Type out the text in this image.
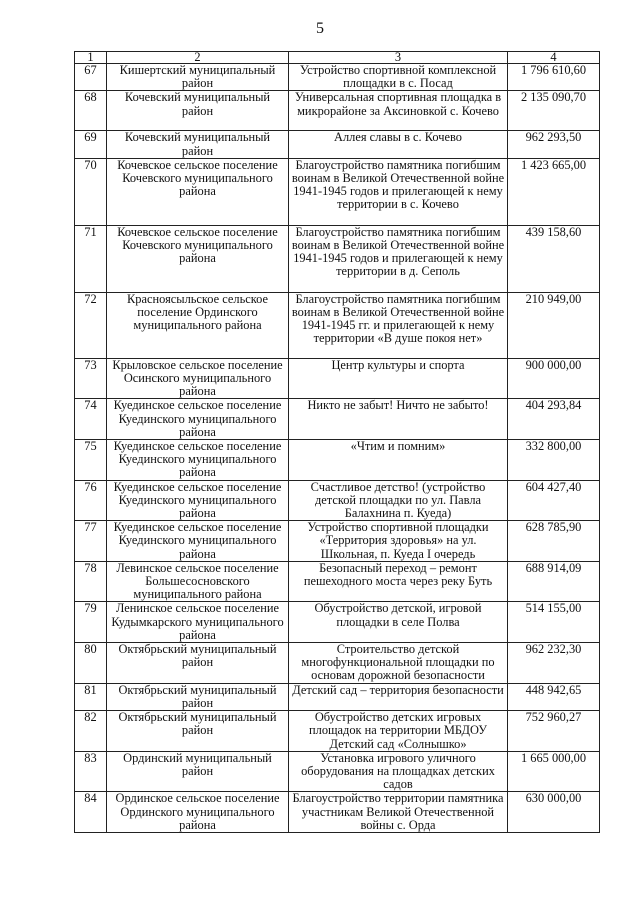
5
1	2	3	4
67	Кишертский муниципальный район	Устройство спортивной комплексной площадки в с. Посад	1 796 610,60
68	Кочевский муниципальный район	Универсальная спортивная площадка в микрорайоне за Аксиновкой с. Кочево	2 135 090,70
69	Кочевский муниципальный район	Аллея славы в с. Кочево	962 293,50
70	Кочевское сельское поселение Кочевского муниципального района	Благоустройство памятника погибшим воинам в Великой Отечественной войне 1941-1945 годов и прилегающей к нему территории в с. Кочево	1 423 665,00
71	Кочевское сельское поселение Кочевского муниципального района	Благоустройство памятника погибшим воинам в Великой Отечественной войне 1941-1945 годов и прилегающей к нему территории в д. Сеполь	439 158,60
72	Красноясыльское сельское поселение Ординского муниципального района	Благоустройство памятника погибшим воинам в Великой Отечественной войне 1941-1945 гг. и прилегающей к нему территории «В душе покоя нет»	210 949,00
73	Крыловское сельское поселение Осинского муниципального района	Центр культуры и спорта	900 000,00
74	Куединское сельское поселение Куединского муниципального района	Никто не забыт! Ничто не забыто!	404 293,84
75	Куединское сельское поселение Куединского муниципального района	«Чтим и помним»	332 800,00
76	Куединское сельское поселение Куединского муниципального района	Счастливое детство! (устройство детской площадки по ул. Павла Балахнина п. Куеда)	604 427,40
77	Куединское сельское поселение Куединского муниципального района	Устройство спортивной площадки «Территория здоровья» на ул. Школьная, п. Куеда I очередь	628 785,90
78	Левинское сельское поселение Большесосновского муниципального района	Безопасный переход – ремонт пешеходного моста через реку Буть	688 914,09
79	Ленинское сельское поселение Кудымкарского муниципального района	Обустройство детской, игровой площадки в селе Полва	514 155,00
80	Октябрьский муниципальный район	Строительство детской многофункциональной площадки по основам дорожной безопасности	962 232,30
81	Октябрьский муниципальный район	Детский сад – территория безопасности	448 942,65
82	Октябрьский муниципальный район	Обустройство детских игровых площадок на территории МБДОУ Детский сад «Солнышко»	752 960,27
83	Ординский муниципальный район	Установка игрового уличного оборудования на площадках детских садов	1 665 000,00
84	Ординское сельское поселение Ординского муниципального района	Благоустройство территории памятника участникам Великой Отечественной войны с. Орда	630 000,00
